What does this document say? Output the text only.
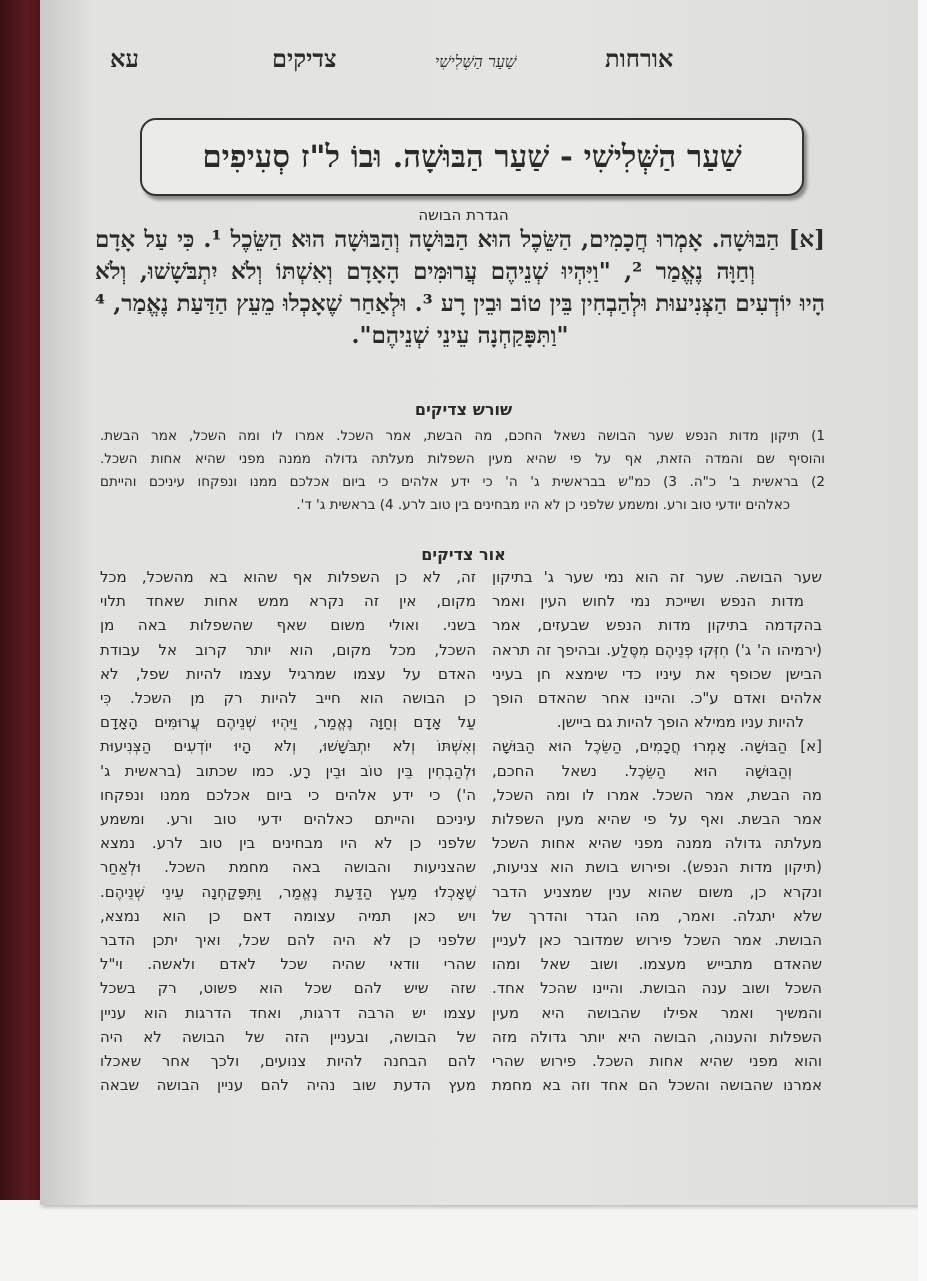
עא	צדיקים	שַׁעַר הַשְּׁלִישִׁי	אורחות
שַׁעַר הַשְּׁלִישִׁי - שַׁעַר הַבּוּשָׁה. וּבוֹ ל"ז סְעִיפִים
הגדרת הבושה
[א] הַבּוּשָׁה. אָמְרוּ חֲכָמִים, הַשֵּׂכֶל הוּא הַבּוּשָׁה וְהַבּוּשָׁה הוּא הַשֵּׂכֶל ¹. כִּי עַל אָדָם
וְחַוָּה נֶאֱמַר ², "וַיִּהְיוּ שְׁנֵיהֶם עֲרוּמִּים הָאָדָם וְאִשְׁתּוֹ וְלֹא יִתְבֹּשָׁשׁוּ, וְלֹא
הָיוּ יוֹדְעִים הַצְּנִיעוּת וּלְהַבְחִין בֵּין טוֹב וּבֵין רָע ³. וּלְאַחַר שֶׁאָכְלוּ מֵעֵץ הַדַּעַת נֶאֱמַר, ⁴
"וַתִּפָּקַחְנָה עֵינֵי שְׁנֵיהֶם".
שורש צדיקים
1) תיקון מדות הנפש שער הבושה נשאל החכם, מה הבשת, אמר השכל. אמרו לו ומה השכל, אמר הבשת.
והוסיף שם והמדה הזאת, אף על פי שהיא מעין השפלות מעלתה גדולה ממנה מפני שהיא אחות השכל.
2) בראשית ב' כ"ה. 3) כמ"ש בבראשית ג' ה' כי ידע אלהים כי ביום אכלכם ממנו ונפקחו עיניכם והייתם
כאלהים יודעי טוב ורע. ומשמע שלפני כן לא היו מבחינים בין טוב לרע. 4) בראשית ג' ד'.
אור צדיקים
שער הבושה. שער זה הוא נמי שער ג' בתיקון
מדות הנפש ושייכת נמי לחוש העין ואמר
בהקדמה בתיקון מדות הנפש שבעזים, אמר
(ירמיהו ה' ג') חִזְּקוּ פְנֵיהֶם מִסֶּלַע. ובהיפך זה תראה
הבישן שכופף את עיניו כדי שימצא חן בעיני
אלהים ואדם ע"כ. והיינו אחר שהאדם הופך
להיות עניו ממילא הופך להיות גם ביישן.
[א] הַבּוּשָׁה. אָמְרוּ חֲכָמִים, הַשֵּׂכֶל הוּא הַבּוּשָׁה
וְהַבּוּשָׁה הוּא הַשֵּׂכֶל. נשאל החכם,
מה הבשת, אמר השכל. אמרו לו ומה השכל,
אמר הבשת. ואף על פי שהיא מעין השפלות
מעלתה גדולה ממנה מפני שהיא אחות השכל
(תיקון מדות הנפש). ופירוש בושת הוא צניעות,
ונקרא כן, משום שהוא ענין שמצניע הדבר
שלא יתגלה. ואמר, מהו הגדר והדרך של
הבושת. אמר השכל פירוש שמדובר כאן לעניין
שהאדם מתבייש מעצמו. ושוב שאל ומהו
השכל ושוב ענה הבושת. והיינו שהכל אחד.
והמשיך ואמר אפילו שהבושה היא מעין
השפלות והענוה, הבושה היא יותר גדולה מזה
והוא מפני שהיא אחות השכל. פירוש שהרי
אמרנו שהבושה והשכל הם אחד וזה בא מחמת
זה, לא כן השפלות אף שהוא בא מהשכל, מכל
מקום, אין זה נקרא ממש אחות שאחד תלוי
בשני. ואולי משום שאף שהשפלות באה מן
השכל, מכל מקום, הוא יותר קרוב אל עבודת
האדם על עצמו שמרגיל עצמו להיות שפל, לא
כן הבושה הוא חייב להיות רק מן השכל. כִּי
עַל אָדָם וְחַוָּה נֶאֱמַר, וַיִּהְיוּ שְׁנֵיהֶם עֲרוּמִּים הָאָדָם
וְאִשְׁתּוֹ וְלֹא יִתְבֹּשָׁשׁוּ, וְלֹא הָיוּ יוֹדְעִים הַצְּנִיעוּת
וּלְהַבְחִין בֵּין טוֹב וּבֵין רָע. כמו שכתוב (בראשית ג'
ה') כי ידע אלהים כי ביום אכלכם ממנו ונפקחו
עיניכם והייתם כאלהים ידעי טוב ורע. ומשמע
שלפני כן לא היו מבחינים בין טוב לרע. נמצא
שהצניעות והבושה באה מחמת השכל. וּלְאַחַר
שֶׁאָכְלוּ מֵעֵץ הַדַּעַת נֶאֱמַר, וַתִּפָּקַחְנָה עֵינֵי שְׁנֵיהֶם.
ויש כאן תמיה עצומה דאם כן הוא נמצא,
שלפני כן לא היה להם שכל, ואיך יתכן הדבר
שהרי וודאי שהיה שכל לאדם ולאשה. וי"ל
שזה שיש להם שכל הוא פשוט, רק בשכל
עצמו יש הרבה דרגות, ואחד הדרגות הוא עניין
של הבושה, ובעניין הזה של הבושה לא היה
להם הבחנה להיות צנועים, ולכך אחר שאכלו
מעץ הדעת שוב נהיה להם עניין הבושה שבאה
